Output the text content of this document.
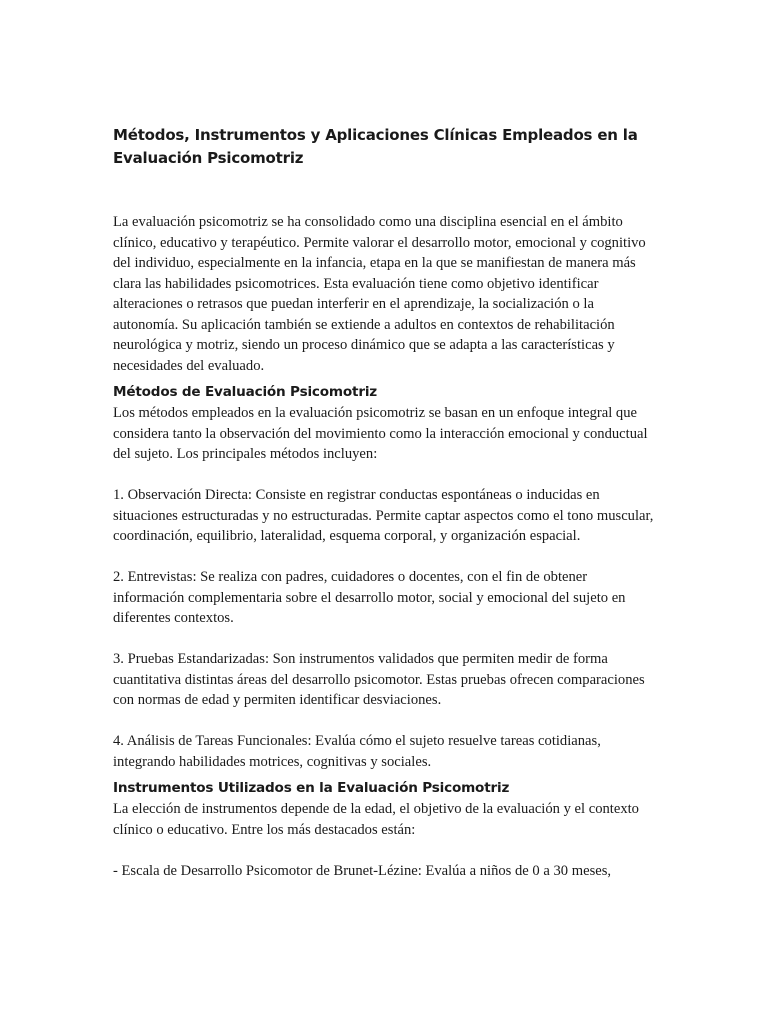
Métodos, Instrumentos y Aplicaciones Clínicas Empleados en la Evaluación Psicomotriz

La evaluación psicomotriz se ha consolidado como una disciplina esencial en el ámbito clínico, educativo y terapéutico. Permite valorar el desarrollo motor, emocional y cognitivo del individuo, especialmente en la infancia, etapa en la que se manifiestan de manera más clara las habilidades psicomotrices. Esta evaluación tiene como objetivo identificar alteraciones o retrasos que puedan interferir en el aprendizaje, la socialización o la autonomía. Su aplicación también se extiende a adultos en contextos de rehabilitación neurológica y motriz, siendo un proceso dinámico que se adapta a las características y necesidades del evaluado.

Métodos de Evaluación Psicomotriz

Los métodos empleados en la evaluación psicomotriz se basan en un enfoque integral que considera tanto la observación del movimiento como la interacción emocional y conductual del sujeto. Los principales métodos incluyen:

1. Observación Directa: Consiste en registrar conductas espontáneas o inducidas en situaciones estructuradas y no estructuradas. Permite captar aspectos como el tono muscular, coordinación, equilibrio, lateralidad, esquema corporal, y organización espacial.

2. Entrevistas: Se realiza con padres, cuidadores o docentes, con el fin de obtener información complementaria sobre el desarrollo motor, social y emocional del sujeto en diferentes contextos.

3. Pruebas Estandarizadas: Son instrumentos validados que permiten medir de forma cuantitativa distintas áreas del desarrollo psicomotor. Estas pruebas ofrecen comparaciones con normas de edad y permiten identificar desviaciones.

4. Análisis de Tareas Funcionales: Evalúa cómo el sujeto resuelve tareas cotidianas, integrando habilidades motrices, cognitivas y sociales.

Instrumentos Utilizados en la Evaluación Psicomotriz

La elección de instrumentos depende de la edad, el objetivo de la evaluación y el contexto clínico o educativo. Entre los más destacados están:

- Escala de Desarrollo Psicomotor de Brunet-Lézine: Evalúa a niños de 0 a 30 meses,
